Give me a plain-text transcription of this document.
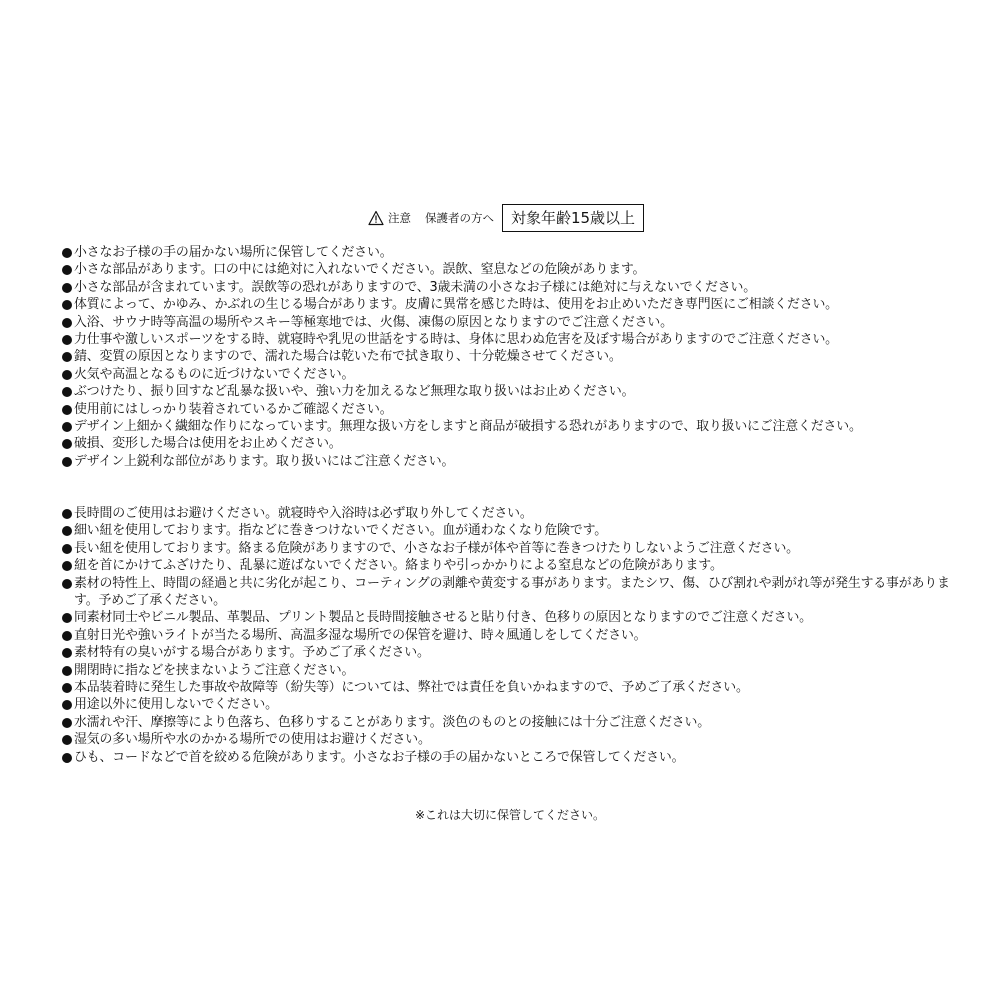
注意 保護者の方へ	対象年齢15歳以上
小さなお子様の手の届かない場所に保管してください。
小さな部品があります。口の中には絶対に入れないでください。誤飲、窒息などの危険があります。
小さな部品が含まれています。誤飲等の恐れがありますので、3歳未満の小さなお子様には絶対に与えないでください。
体質によって、かゆみ、かぶれの生じる場合があります。皮膚に異常を感じた時は、使用をお止めいただき専門医にご相談ください。
入浴、サウナ時等高温の場所やスキー等極寒地では、火傷、凍傷の原因となりますのでご注意ください。
力仕事や激しいスポーツをする時、就寝時や乳児の世話をする時は、身体に思わぬ危害を及ぼす場合がありますのでご注意ください。
錆、変質の原因となりますので、濡れた場合は乾いた布で拭き取り、十分乾燥させてください。
火気や高温となるものに近づけないでください。
ぶつけたり、振り回すなど乱暴な扱いや、強い力を加えるなど無理な取り扱いはお止めください。
使用前にはしっかり装着されているかご確認ください。
デザイン上細かく繊細な作りになっています。無理な扱い方をしますと商品が破損する恐れがありますので、取り扱いにご注意ください。
破損、変形した場合は使用をお止めください。
デザイン上鋭利な部位があります。取り扱いにはご注意ください。
長時間のご使用はお避けください。就寝時や入浴時は必ず取り外してください。
細い紐を使用しております。指などに巻きつけないでください。血が通わなくなり危険です。
長い紐を使用しております。絡まる危険がありますので、小さなお子様が体や首等に巻きつけたりしないようご注意ください。
紐を首にかけてふざけたり、乱暴に遊ばないでください。絡まりや引っかかりによる窒息などの危険があります。
素材の特性上、時間の経過と共に劣化が起こり、コーティングの剥離や黄変する事があります。またシワ、傷、ひび割れや剥がれ等が発生する事があります。予めご了承ください。
同素材同士やビニル製品、革製品、プリント製品と長時間接触させると貼り付き、色移りの原因となりますのでご注意ください。
直射日光や強いライトが当たる場所、高温多湿な場所での保管を避け、時々風通しをしてください。
素材特有の臭いがする場合があります。予めご了承ください。
開閉時に指などを挟まないようご注意ください。
本品装着時に発生した事故や故障等（紛失等）については、弊社では責任を負いかねますので、予めご了承ください。
用途以外に使用しないでください。
水濡れや汗、摩擦等により色落ち、色移りすることがあります。淡色のものとの接触には十分ご注意ください。
湿気の多い場所や水のかかる場所での使用はお避けください。
ひも、コードなどで首を絞める危険があります。小さなお子様の手の届かないところで保管してください。
※これは大切に保管してください。
